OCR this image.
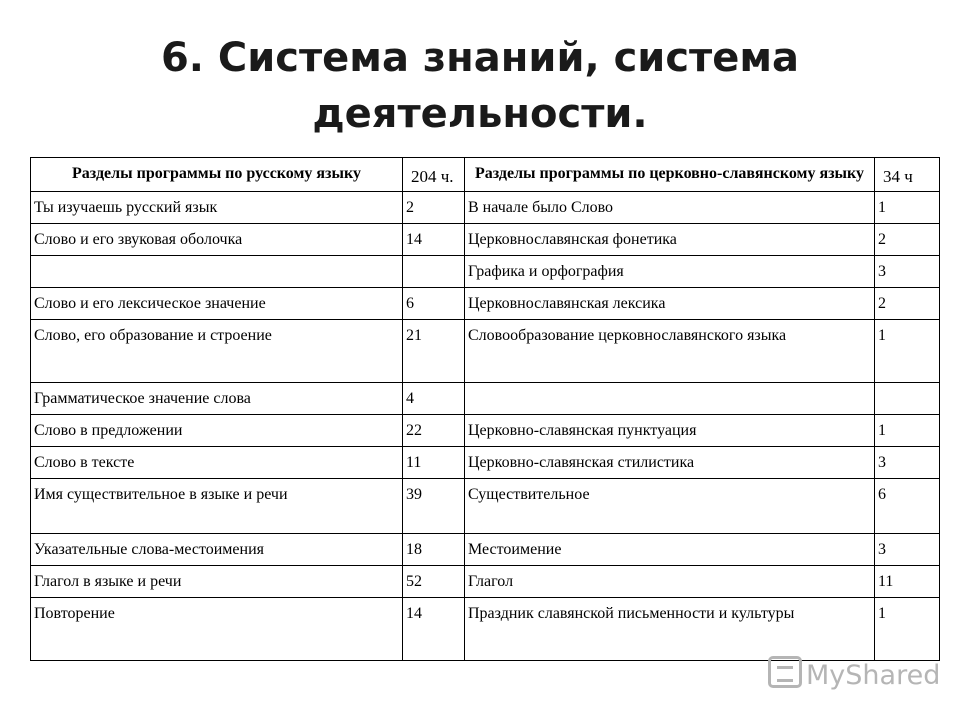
6. Система знаний, система
деятельности.
Разделы программы по русскому языку	204 ч.	Разделы программы по церковно-славянскому языку	34 ч
Ты изучаешь русский язык	2	В начале было Слово	1
Слово и его звуковая оболочка	14	Церковнославянская фонетика	2
		Графика и орфография	3
Слово и его лексическое значение	6	Церковнославянская лексика	2
Слово, его образование и строение	21	Словообразование церковнославянского языка	1
Грамматическое значение слова	4		
Слово в предложении	22	Церковно-славянская пунктуация	1
Слово в тексте	11	Церковно-славянская стилистика	3
Имя существительное в языке и речи	39	Существительное	6
Указательные слова-местоимения	18	Местоимение	3
Глагол в языке и речи	52	Глагол	11
Повторение	14	Праздник славянской письменности и культуры	1
MyShared
